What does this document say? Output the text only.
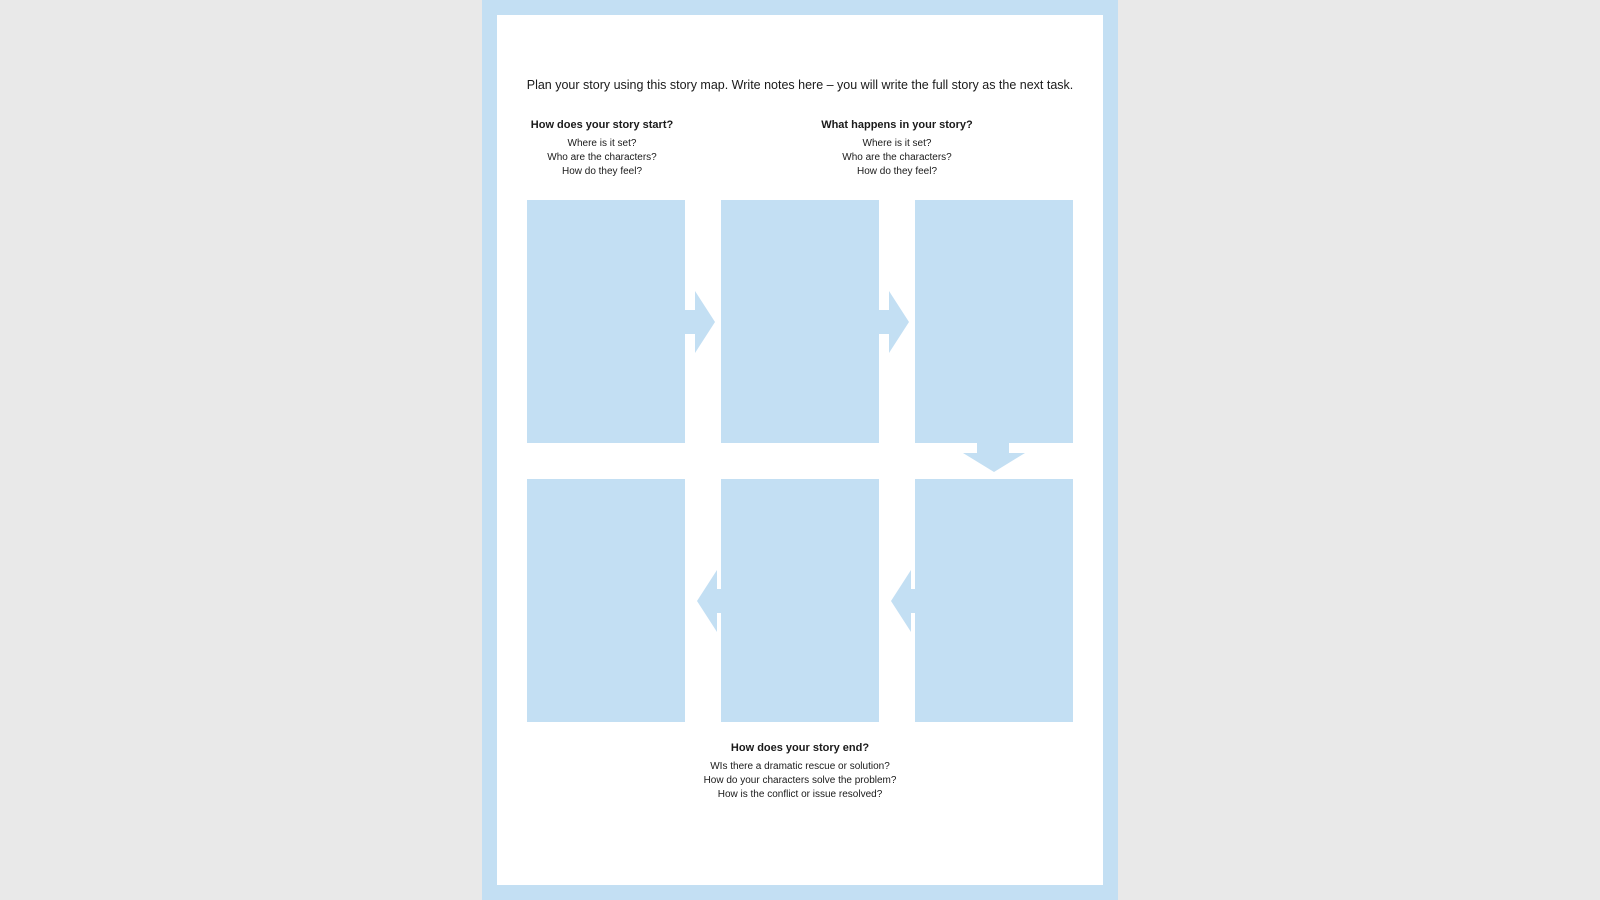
Plan your story using this story map. Write notes here – you will write the full story as the next task.
How does your story start?
Where is it set?
Who are the characters?
How do they feel?
What happens in your story?
Where is it set?
Who are the characters?
How do they feel?
How does your story end?
WIs there a dramatic rescue or solution?
How do your characters solve the problem?
How is the conflict or issue resolved?
